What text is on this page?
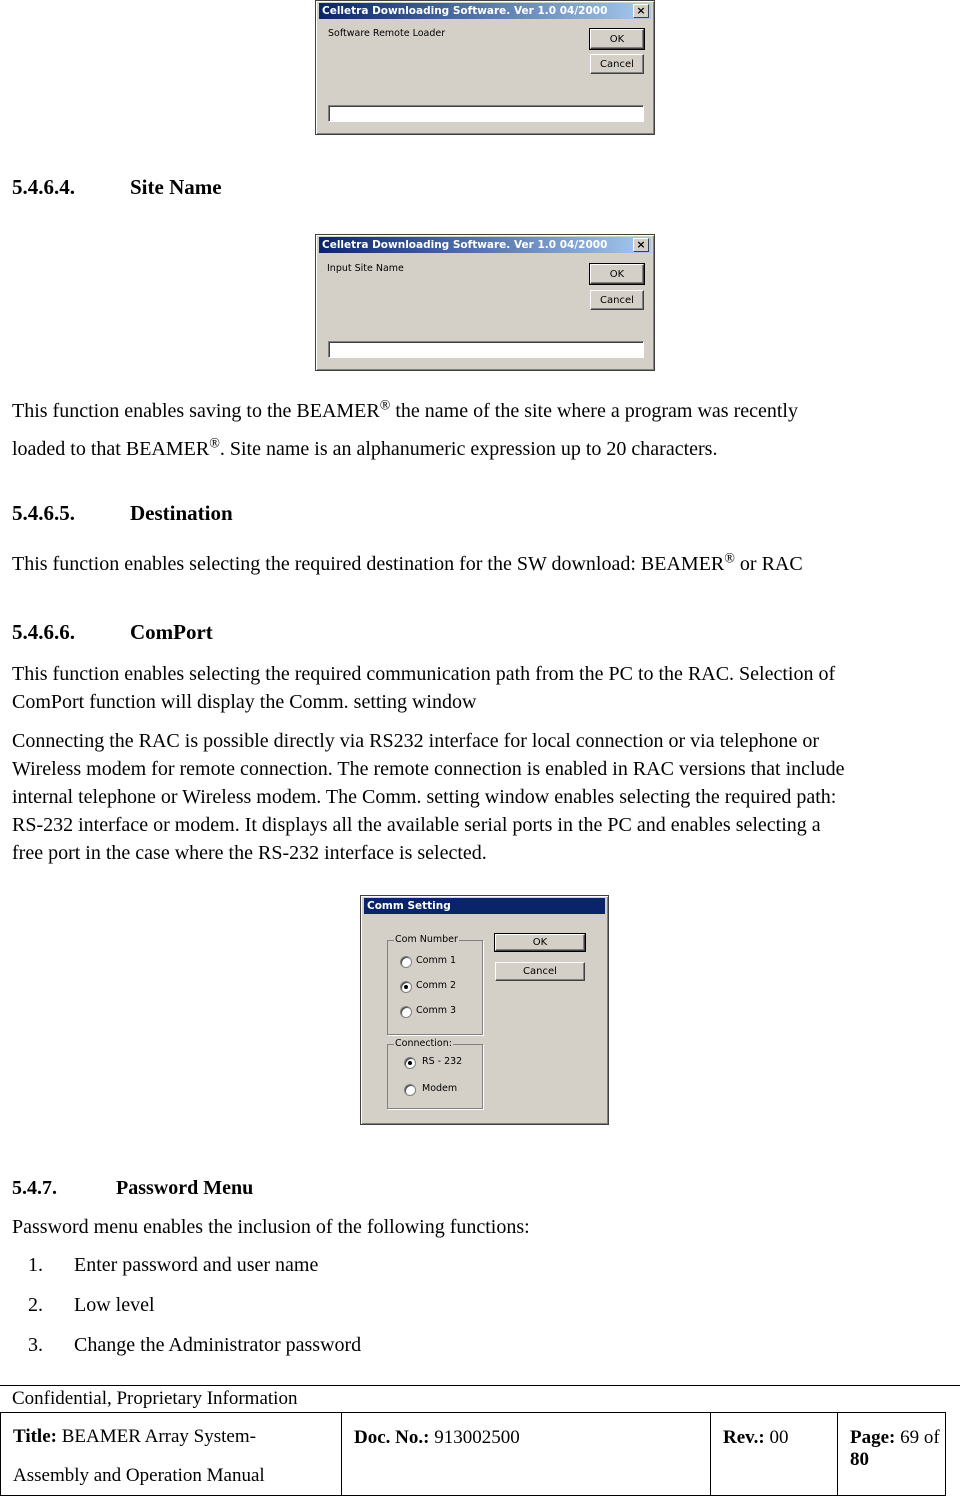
Celletra Downloading Software. Ver 1.0 04/2000	×
Software Remote Loader	OK
Cancel
5.4.6.4.	Site Name
Celletra Downloading Software. Ver 1.0 04/2000	×
Input Site Name	OK
Cancel
This function enables saving to the BEAMER® the name of the site where a program was recently
loaded to that BEAMER®. Site name is an alphanumeric expression up to 20 characters.
5.4.6.5.	Destination
This function enables selecting the required destination for the SW download: BEAMER® or RAC
5.4.6.6.	ComPort
This function enables selecting the required communication path from the PC to the RAC. Selection of
ComPort function will display the Comm. setting window
Connecting the RAC is possible directly via RS232 interface for local connection or via telephone or
Wireless modem for remote connection. The remote connection is enabled in RAC versions that include
internal telephone or Wireless modem. The Comm. setting window enables selecting the required path:
RS-232 interface or modem. It displays all the available serial ports in the PC and enables selecting a
free port in the case where the RS-232 interface is selected.
Comm Setting
Com Number
Comm 1
Comm 2
Comm 3
Connection:
RS - 232
Modem
OK
Cancel
5.4.7.	Password Menu
Password menu enables the inclusion of the following functions:
1. Enter password and user name
2. Low level
3. Change the Administrator password
Confidential, Proprietary Information
Title: BEAMER Array System-
Assembly and Operation Manual	Doc. No.: 913002500	Rev.: 00	Page: 69 of 80
